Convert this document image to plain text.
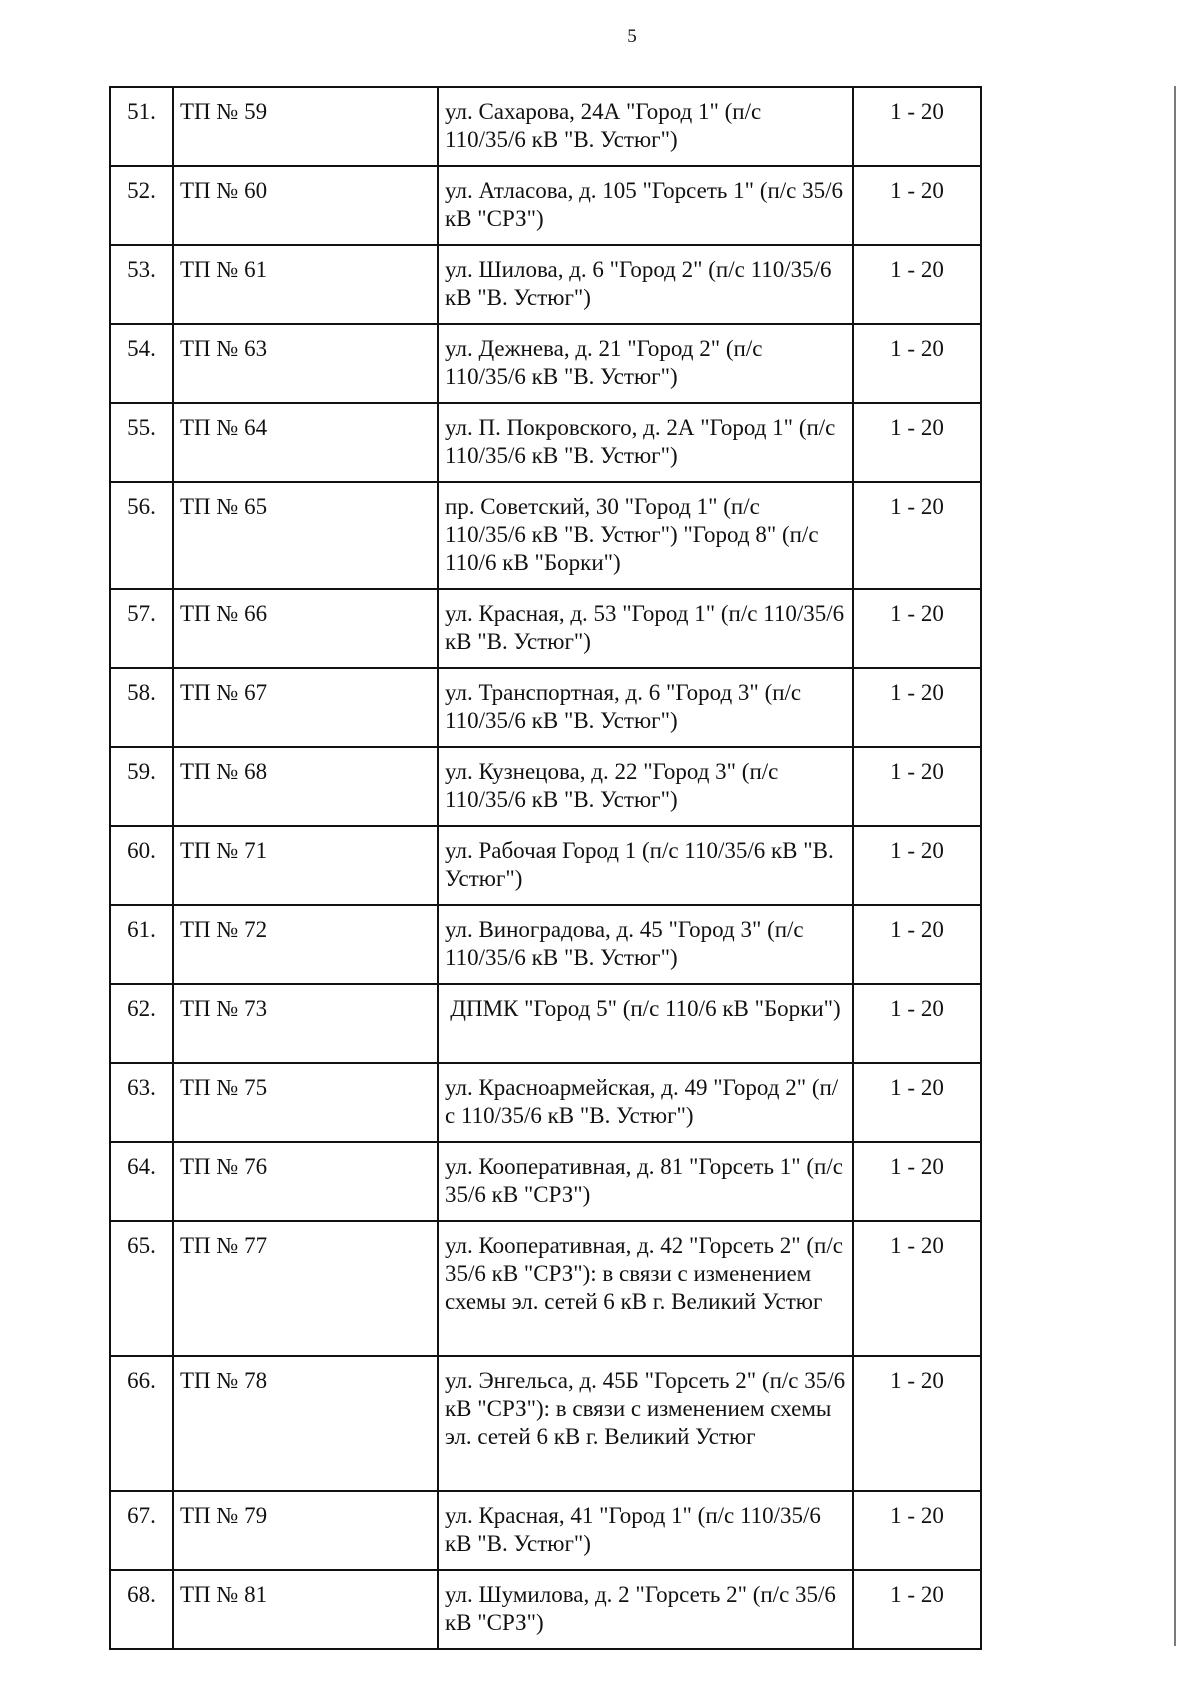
5
51.	ТП № 59	ул. Сахарова, 24А "Город 1" (п/с 110/35/6 кВ "В. Устюг")	1 - 20
52.	ТП № 60	ул. Атласова, д. 105 "Горсеть 1" (п/с 35/6 кВ "СРЗ")	1 - 20
53.	ТП № 61	ул. Шилова, д. 6 "Город 2" (п/с 110/35/6 кВ "В. Устюг")	1 - 20
54.	ТП № 63	ул. Дежнева, д. 21 "Город 2" (п/с 110/35/6 кВ "В. Устюг")	1 - 20
55.	ТП № 64	ул. П. Покровского, д. 2А "Город 1" (п/с 110/35/6 кВ "В. Устюг")	1 - 20
56.	ТП № 65	пр. Советский, 30 "Город 1" (п/с 110/35/6 кВ "В. Устюг") "Город 8" (п/с 110/6 кВ "Борки")	1 - 20
57.	ТП № 66	ул. Красная, д. 53 "Город 1" (п/с 110/35/6 кВ "В. Устюг")	1 - 20
58.	ТП № 67	ул. Транспортная, д. 6 "Город 3" (п/с 110/35/6 кВ "В. Устюг")	1 - 20
59.	ТП № 68	ул. Кузнецова, д. 22 "Город 3" (п/с 110/35/6 кВ "В. Устюг")	1 - 20
60.	ТП № 71	ул. Рабочая Город 1 (п/с 110/35/6 кВ "В. Устюг")	1 - 20
61.	ТП № 72	ул. Виноградова, д. 45 "Город 3" (п/с 110/35/6 кВ "В. Устюг")	1 - 20
62.	ТП № 73	ДПМК "Город 5" (п/с 110/6 кВ "Борки")	1 - 20
63.	ТП № 75	ул. Красноармейская, д. 49 "Город 2" (п/с 110/35/6 кВ "В. Устюг")	1 - 20
64.	ТП № 76	ул. Кооперативная, д. 81 "Горсеть 1" (п/с 35/6 кВ "СРЗ")	1 - 20
65.	ТП № 77	ул. Кооперативная, д. 42 "Горсеть 2" (п/с 35/6 кВ "СРЗ"): в связи с изменением схемы эл. сетей 6 кВ г. Великий Устюг	1 - 20
66.	ТП № 78	ул. Энгельса, д. 45Б "Горсеть 2" (п/с 35/6 кВ "СРЗ"): в связи с изменением схемы эл. сетей 6 кВ г. Великий Устюг	1 - 20
67.	ТП № 79	ул. Красная, 41 "Город 1" (п/с 110/35/6 кВ "В. Устюг")	1 - 20
68.	ТП № 81	ул. Шумилова, д. 2 "Горсеть 2" (п/с 35/6 кВ "СРЗ")	1 - 20
